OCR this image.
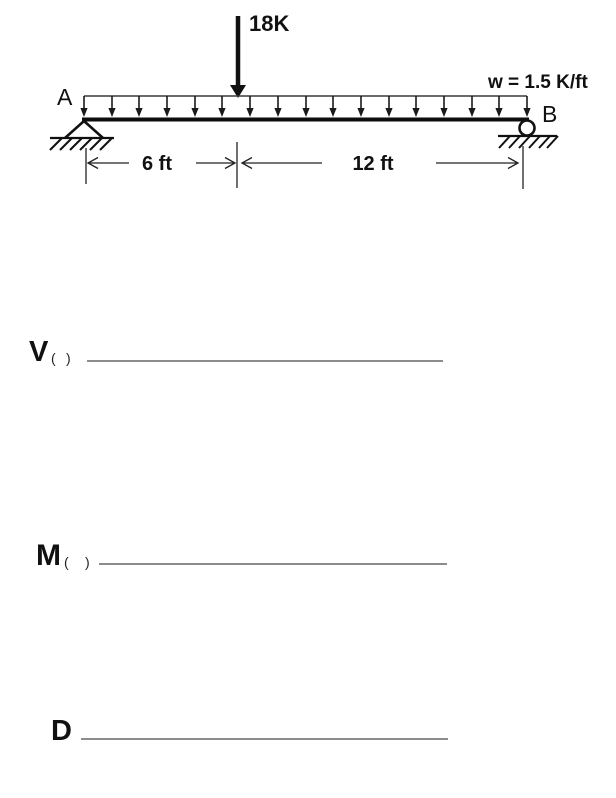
18K
w = 1.5 K/ft
A
B
6 ft	12 ft
V ( )
M ( )
D
